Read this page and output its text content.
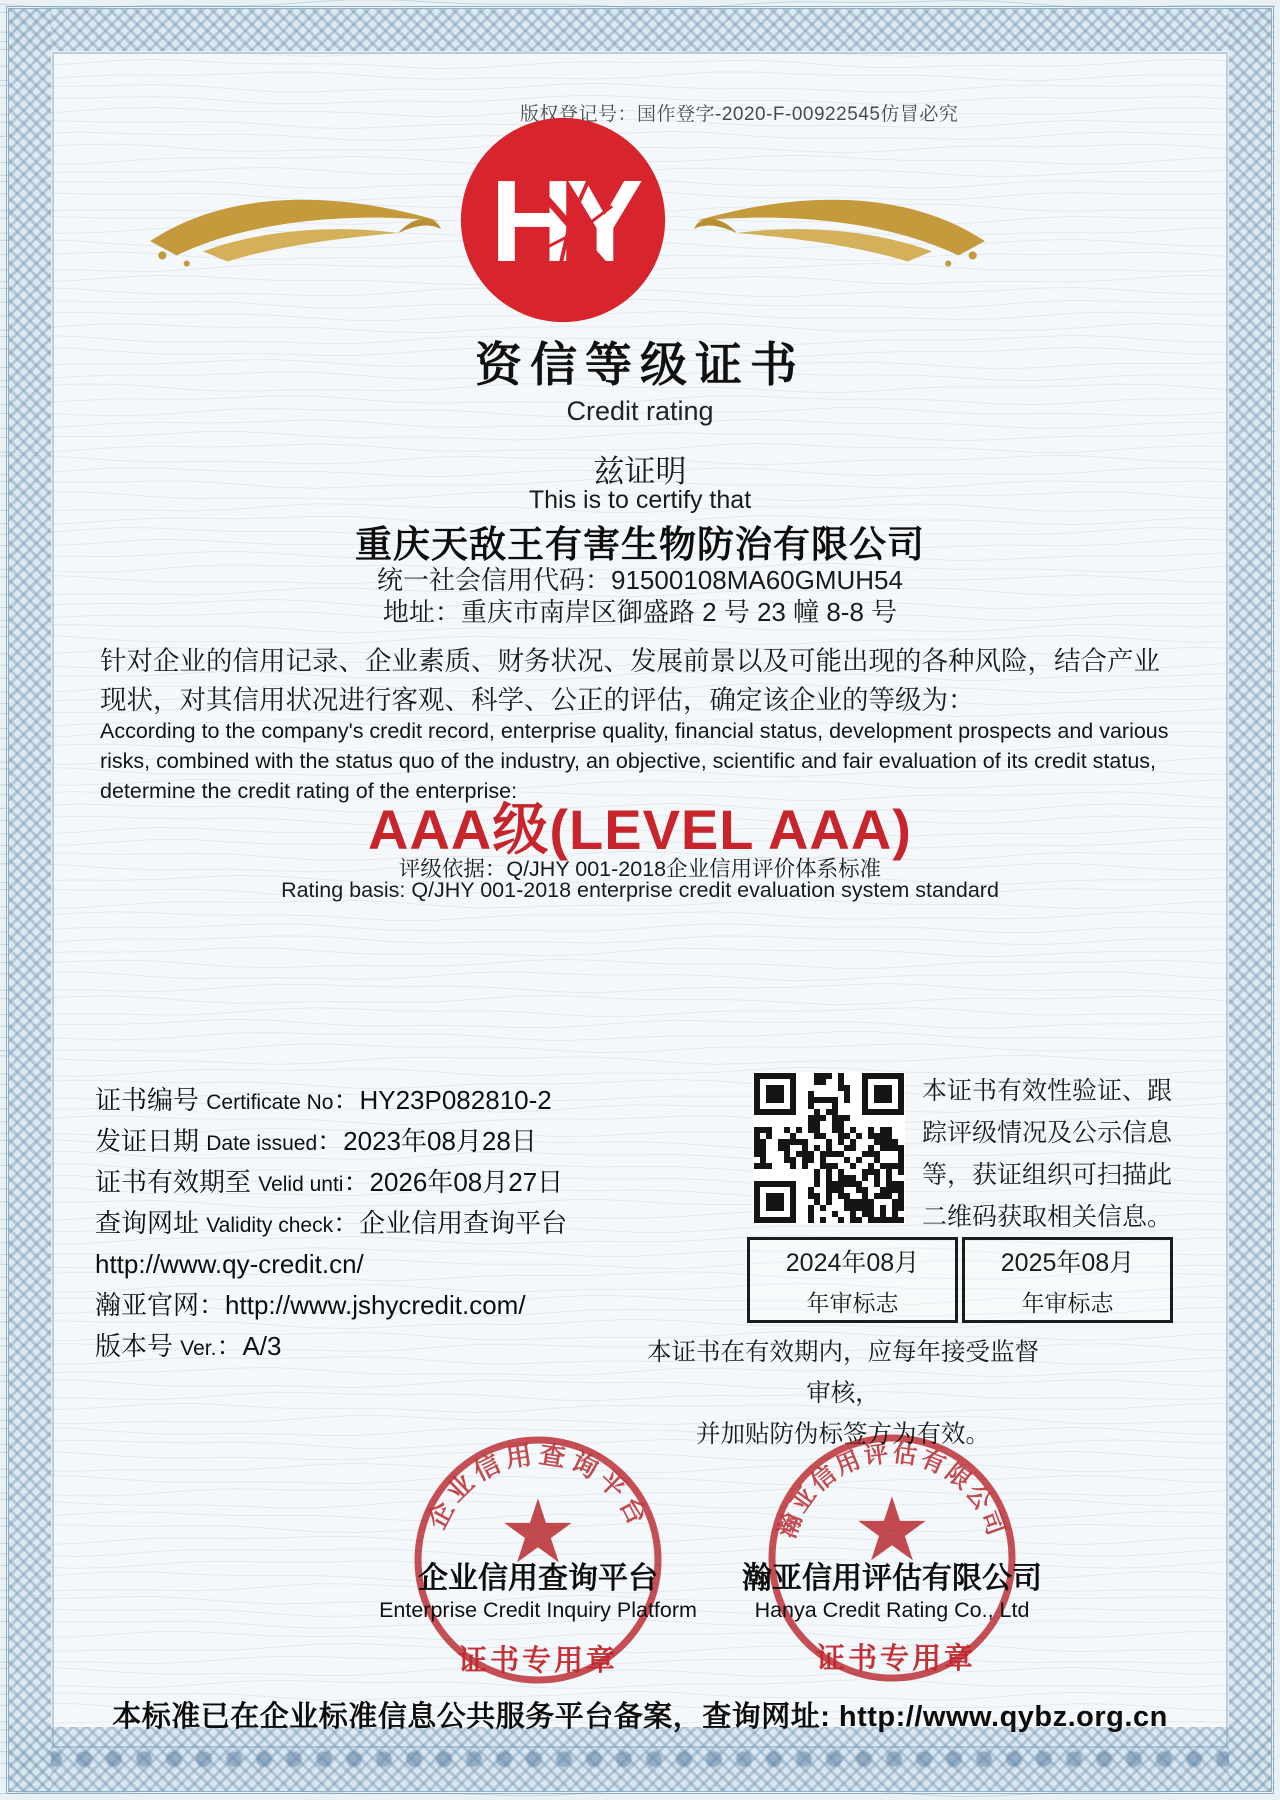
版权登记号：国作登字-2020-F-00922545仿冒必究
HY
资信等级证书
Credit rating
兹证明
This is to certify that
重庆天敌王有害生物防治有限公司
统一社会信用代码：91500108MA60GMUH54
地址：重庆市南岸区御盛路 2 号 23 幢 8-8 号
针对企业的信用记录、企业素质、财务状况、发展前景以及可能出现的各种风险，结合产业现状，对其信用状况进行客观、科学、公正的评估，确定该企业的等级为：
According to the company's credit record, enterprise quality, financial status, development prospects and various risks, combined with the status quo of the industry, an objective, scientific and fair evaluation of its credit status, determine the credit rating of the enterprise:
AAA级(LEVEL AAA)
评级依据：Q/JHY 001-2018企业信用评价体系标准
Rating basis: Q/JHY 001-2018 enterprise credit evaluation system standard
证书编号 Certificate No：HY23P082810-2
发证日期 Date issued：2023年08月28日
证书有效期至 Velid unti：2026年08月27日
查询网址 Validity check：企业信用查询平台
http://www.qy-credit.cn/
瀚亚官网：http://www.jshycredit.com/
版本号 Ver.：A/3
本证书有效性验证、跟踪评级情况及公示信息等，获证组织可扫描此二维码获取相关信息。
2024年08月
年审标志
2025年08月
年审标志
本证书在有效期内，应每年接受监督审核，
并加贴防伪标签方为有效。
企业信用查询平台
★	瀚亚信用评估有限公司
★
企业信用查询平台
Enterprise Credit Inquiry Platform
证书专用章
瀚亚信用评估有限公司
Hanya Credit Rating Co., Ltd
证书专用章
本标准已在企业标准信息公共服务平台备案，查询网址: http://www.qybz.org.cn
